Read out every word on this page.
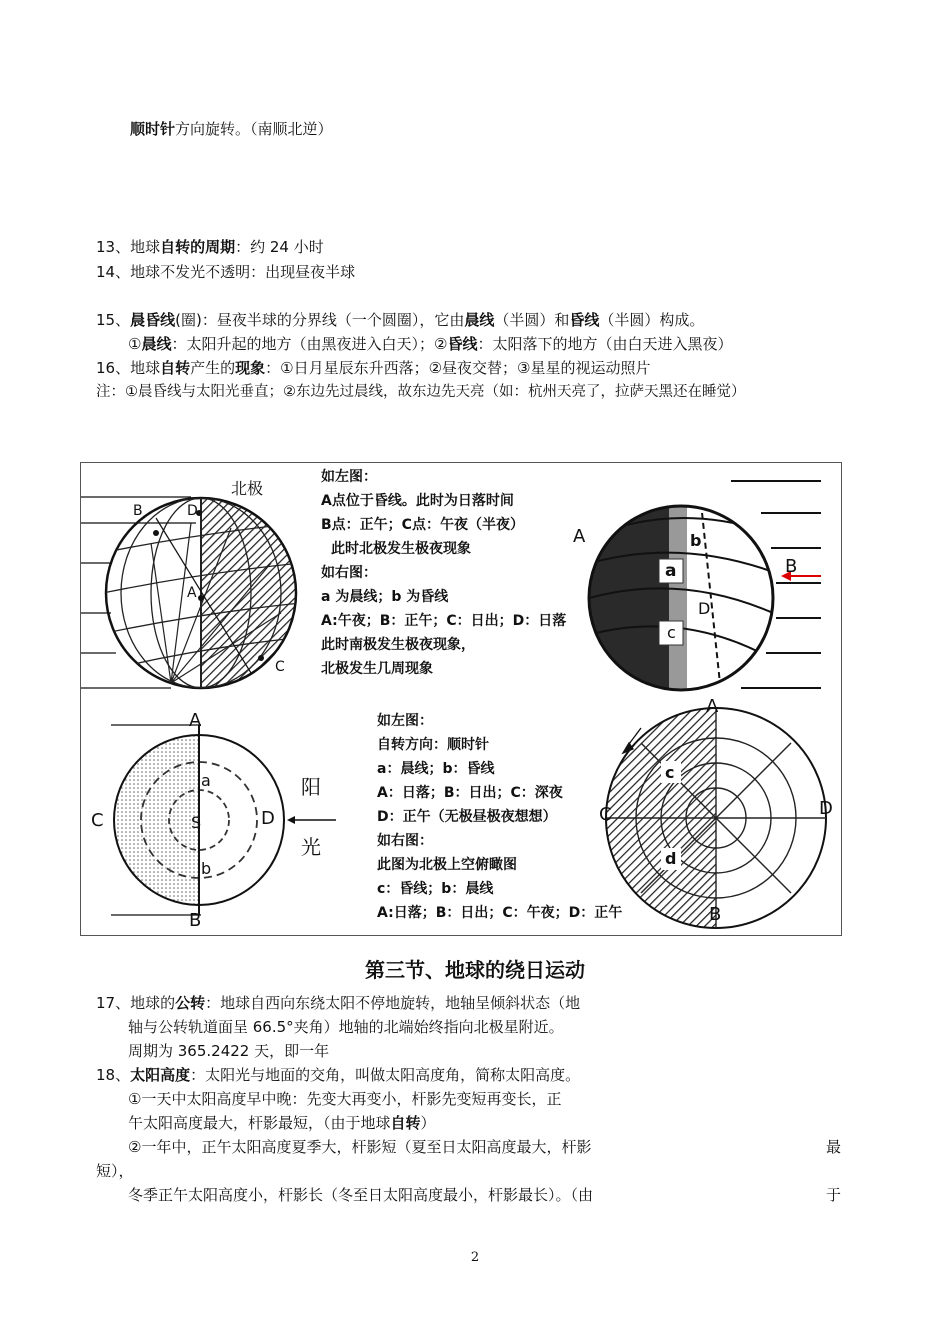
顺时针方向旋转。（南顺北逆）
13、地球自转的周期：约 24 小时
14、地球不发光不透明：出现昼夜半球
15、晨昏线(圈)：昼夜半球的分界线（一个圆圈），它由晨线（半圆）和昏线（半圆）构成。
①晨线：太阳升起的地方（由黑夜进入白天）；②昏线：太阳落下的地方（由白天进入黑夜）
16、地球自转产生的现象：①日月星辰东升西落；②昼夜交替；③星星的视运动照片
注：①晨昏线与太阳光垂直；②东边先过晨线，故东边先天亮（如：杭州天亮了，拉萨天黑还在睡觉）
北极
B	D
A
C
A
B
b
a
c
D
如左图：
A点位于昏线。此时为日落时间
B点：正午；C点：午夜（半夜）
此时北极发生极夜现象
如右图：
a 为晨线；b 为昏线
A:午夜；B：正午；C：日出；D：日落
此时南极发生极夜现象，
北极发生几周现象
A
B
C	D
a
S
b
阳
光
如左图：
自转方向：顺时针
a：晨线；b：昏线
A：日落；B：日出；C：深夜
D：正午（无极昼极夜想想）
如右图：
此图为北极上空俯瞰图
c：昏线；b：晨线
A:日落；B：日出；C：午夜；D：正午
A
B
C	D
c
d
第三节、地球的绕日运动
17、地球的公转：地球自西向东绕太阳不停地旋转，地轴呈倾斜状态（地
轴与公转轨道面呈 66.5°夹角）地轴的北端始终指向北极星附近。
周期为 365.2422 天，即一年
18、太阳高度：太阳光与地面的交角，叫做太阳高度角，简称太阳高度。
①一天中太阳高度早中晚：先变大再变小，杆影先变短再变长，正
午太阳高度最大，杆影最短，（由于地球自转）
②一年中，正午太阳高度夏季大，杆影短（夏至日太阳高度最大，杆影	最
短），
冬季正午太阳高度小，杆影长（冬至日太阳高度最小，杆影最长）。（由	于
2
